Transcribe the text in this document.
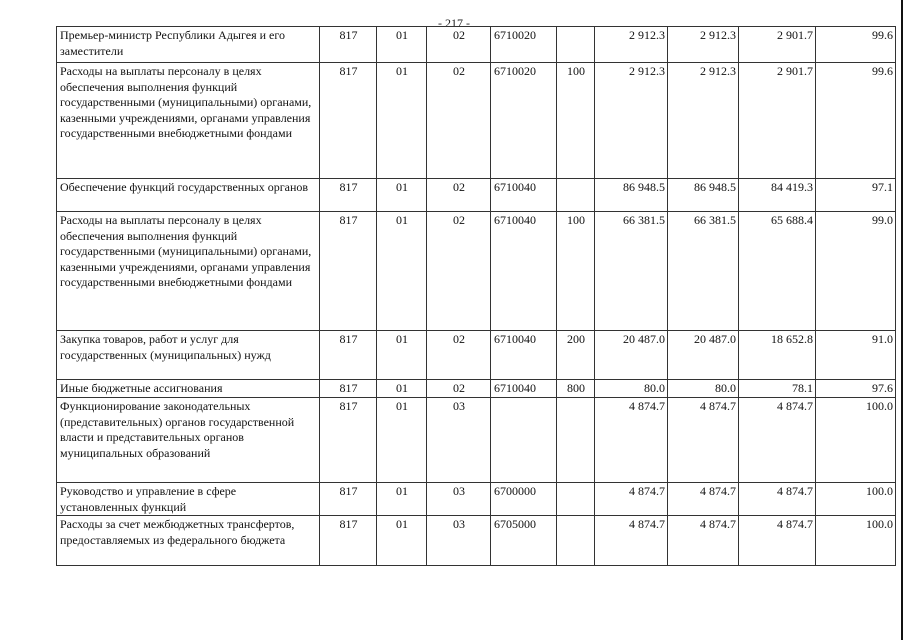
- 217 -
Премьер-министр Республики Адыгея и его заместители	817	01	02	6710020		2 912.3	2 912.3	2 901.7	99.6
Расходы на выплаты персоналу в целях обеспечения выполнения функций государственными (муниципальными) органами, казенными учреждениями, органами управления государственными внебюджетными фондами	817	01	02	6710020	100	2 912.3	2 912.3	2 901.7	99.6
Обеспечение функций государственных органов	817	01	02	6710040		86 948.5	86 948.5	84 419.3	97.1
Расходы на выплаты персоналу в целях обеспечения выполнения функций государственными (муниципальными) органами, казенными учреждениями, органами управления государственными внебюджетными фондами	817	01	02	6710040	100	66 381.5	66 381.5	65 688.4	99.0
Закупка товаров, работ и услуг для государственных (муниципальных) нужд	817	01	02	6710040	200	20 487.0	20 487.0	18 652.8	91.0
Иные бюджетные ассигнования	817	01	02	6710040	800	80.0	80.0	78.1	97.6
Функционирование законодательных (представительных) органов государственной власти и представительных органов муниципальных образований	817	01	03			4 874.7	4 874.7	4 874.7	100.0
Руководство и управление в сфере установленных функций	817	01	03	6700000		4 874.7	4 874.7	4 874.7	100.0
Расходы за счет межбюджетных трансфертов, предоставляемых из федерального бюджета	817	01	03	6705000		4 874.7	4 874.7	4 874.7	100.0
